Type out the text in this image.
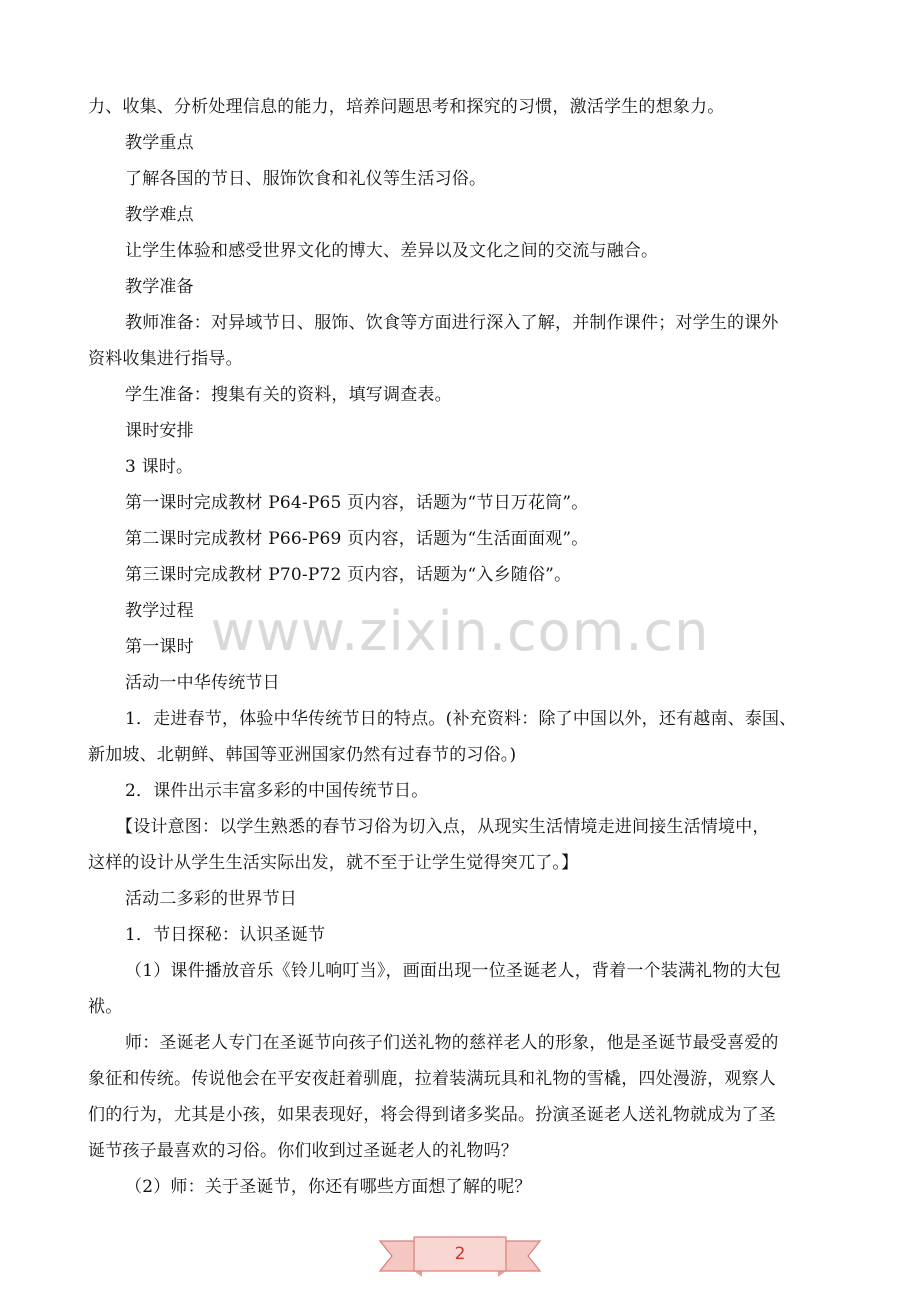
力、收集、分析处理信息的能力，培养问题思考和探究的习惯，激活学生的想象力。
教学重点
了解各国的节日、服饰饮食和礼仪等生活习俗。
教学难点
让学生体验和感受世界文化的博大、差异以及文化之间的交流与融合。
教学准备
教师准备：对异域节日、服饰、饮食等方面进行深入了解，并制作课件；对学生的课外
资料收集进行指导。
学生准备：搜集有关的资料，填写调查表。
课时安排
3 课时。
第一课时完成教材 P64-P65 页内容，话题为“节日万花筒”。
第二课时完成教材 P66-P69 页内容，话题为“生活面面观”。
第三课时完成教材 P70-P72 页内容，话题为“入乡随俗”。
教学过程
第一课时
活动一中华传统节日
1．走进春节，体验中华传统节日的特点。(补充资料：除了中国以外，还有越南、泰国、
新加坡、北朝鲜、韩国等亚洲国家仍然有过春节的习俗。)
2．课件出示丰富多彩的中国传统节日。
【设计意图：以学生熟悉的春节习俗为切入点，从现实生活情境走进间接生活情境中，
这样的设计从学生生活实际出发，就不至于让学生觉得突兀了。】
活动二多彩的世界节日
1．节日探秘：认识圣诞节
（1）课件播放音乐《铃儿响叮当》，画面出现一位圣诞老人，背着一个装满礼物的大包
袱。
师：圣诞老人专门在圣诞节向孩子们送礼物的慈祥老人的形象，他是圣诞节最受喜爱的
象征和传统。传说他会在平安夜赶着驯鹿，拉着装满玩具和礼物的雪橇，四处漫游，观察人
们的行为，尤其是小孩，如果表现好，将会得到诸多奖品。扮演圣诞老人送礼物就成为了圣
诞节孩子最喜欢的习俗。你们收到过圣诞老人的礼物吗？
（2）师：关于圣诞节，你还有哪些方面想了解的呢？
www.zixin.com.cn
2
